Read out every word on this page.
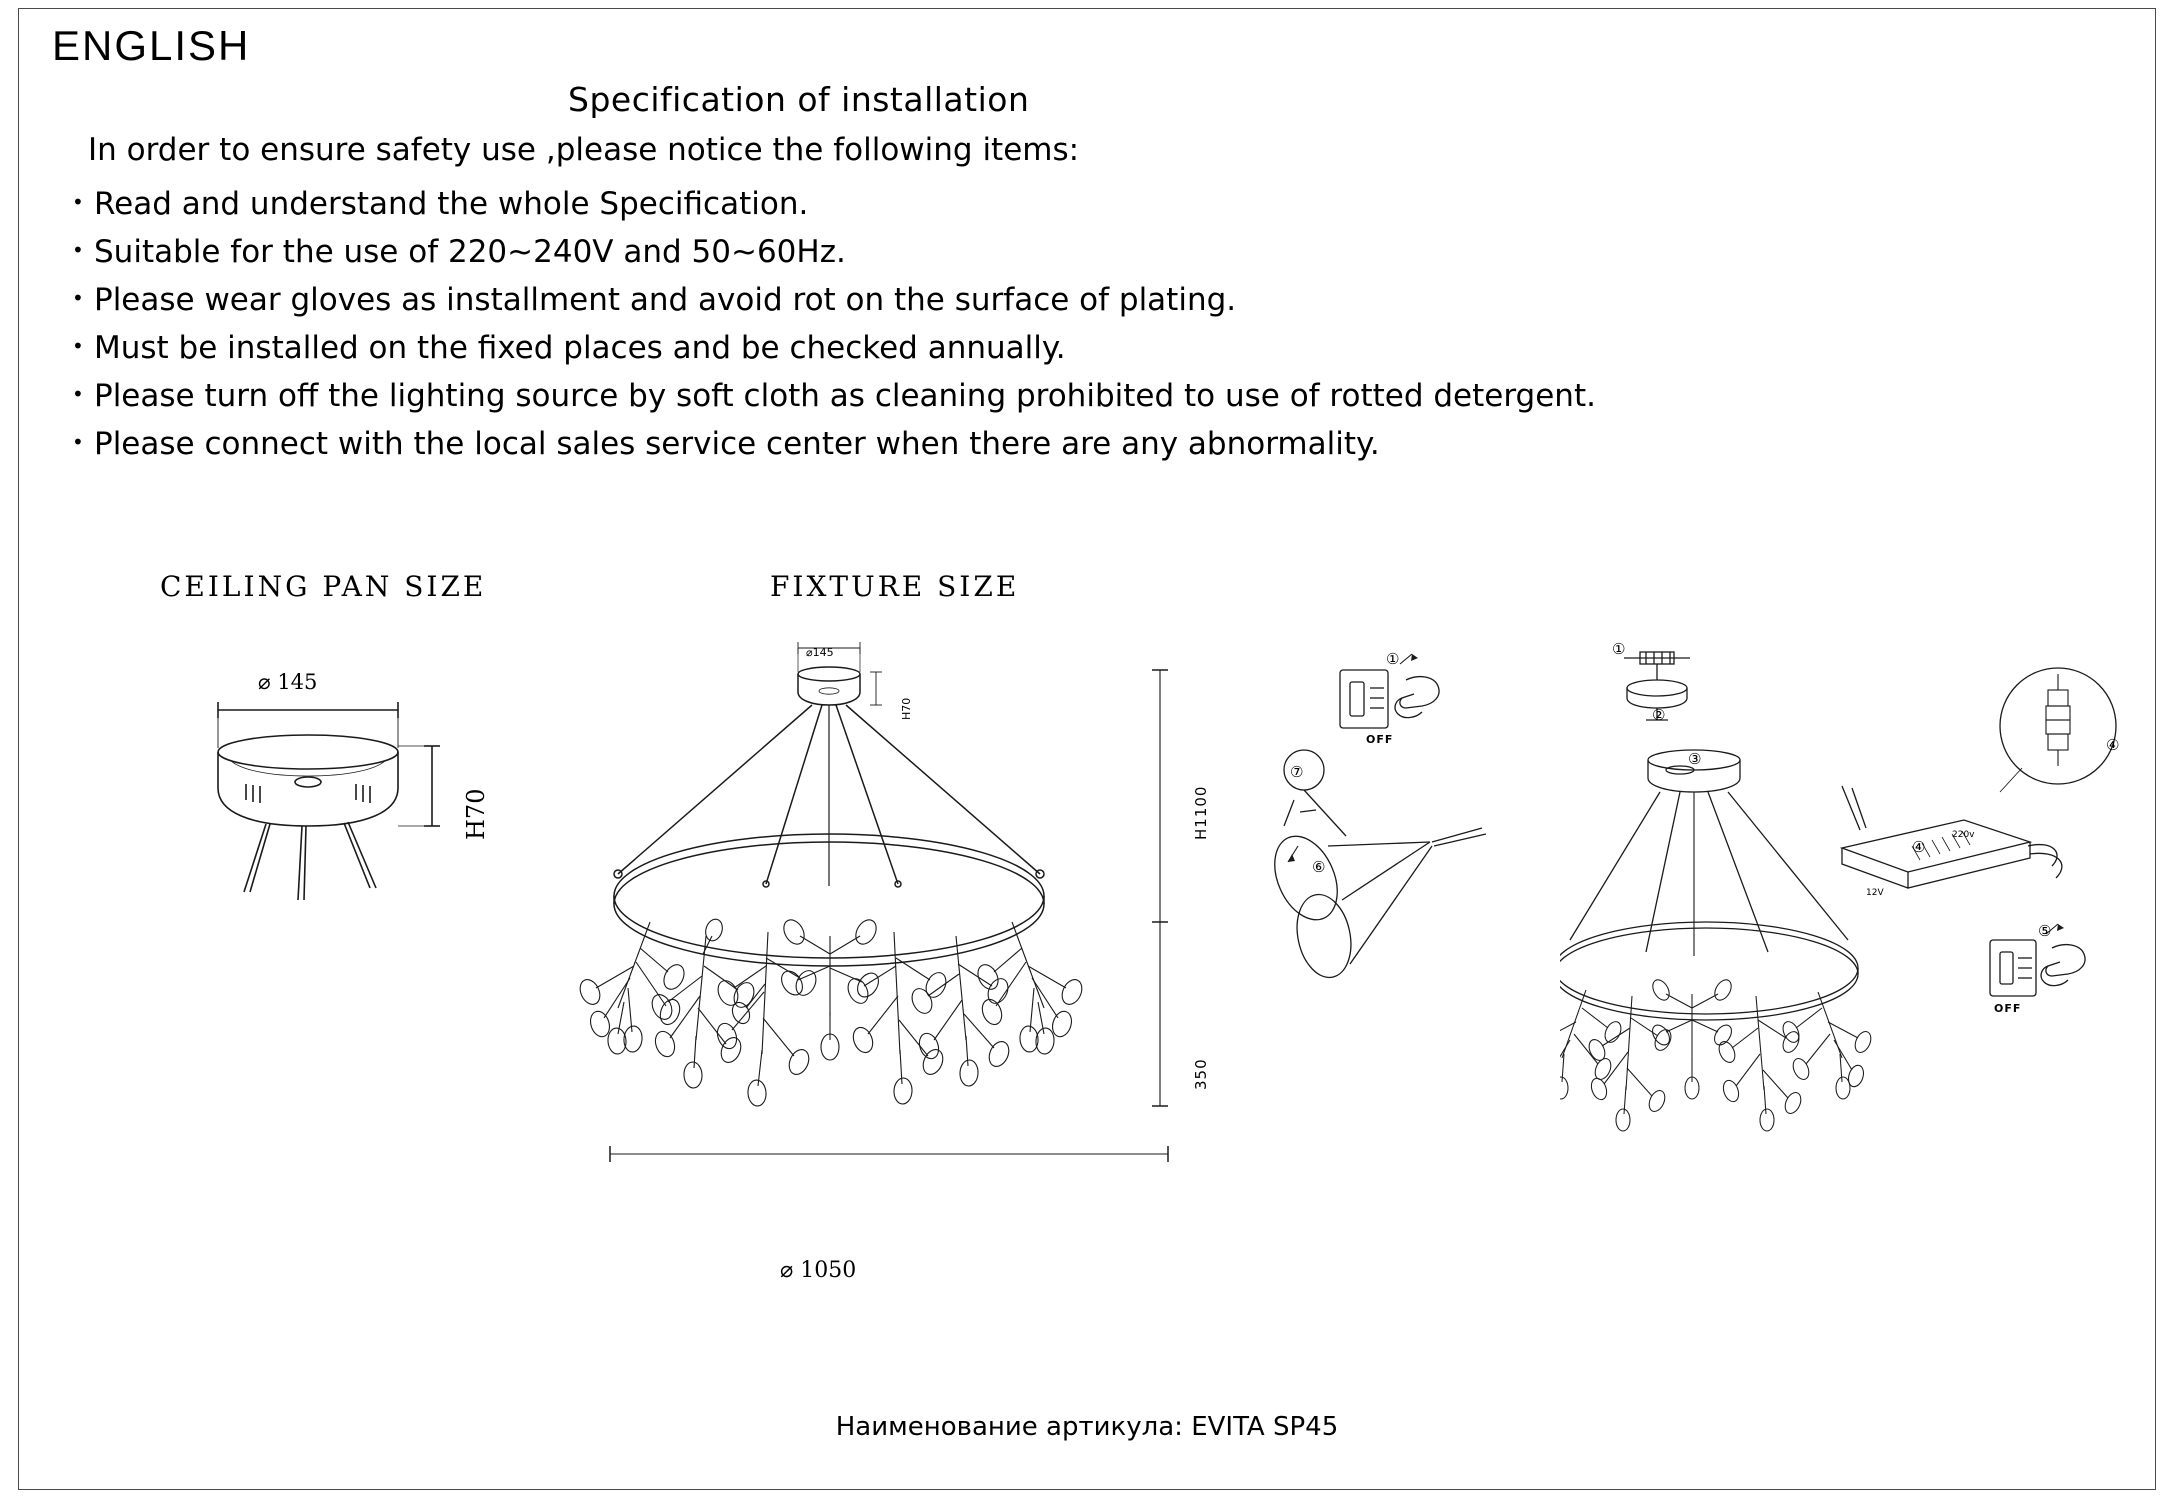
ENGLISH
Specification of installation
In order to ensure safety use ,please notice the following items:
• Read and understand the whole Specification.
• Suitable for the use of 220~240V and 50~60Hz.
• Please wear gloves as installment and avoid rot on the surface of plating.
• Must be installed on the fixed places and be checked annually.
• Please turn off the lighting source by soft cloth as cleaning prohibited to use of rotted detergent.
• Please connect with the local sales service center when there are any abnormality.
CEILING PAN SIZE	FIXTURE SIZE
⌀ 145
H70
⌀145
H70
H1100
350
⌀ 1050
①
OFF
⑦
⑥
①
②
③
④
④
220v
12V
OFF
⑤
Наименование артикула: EVITA SP45
